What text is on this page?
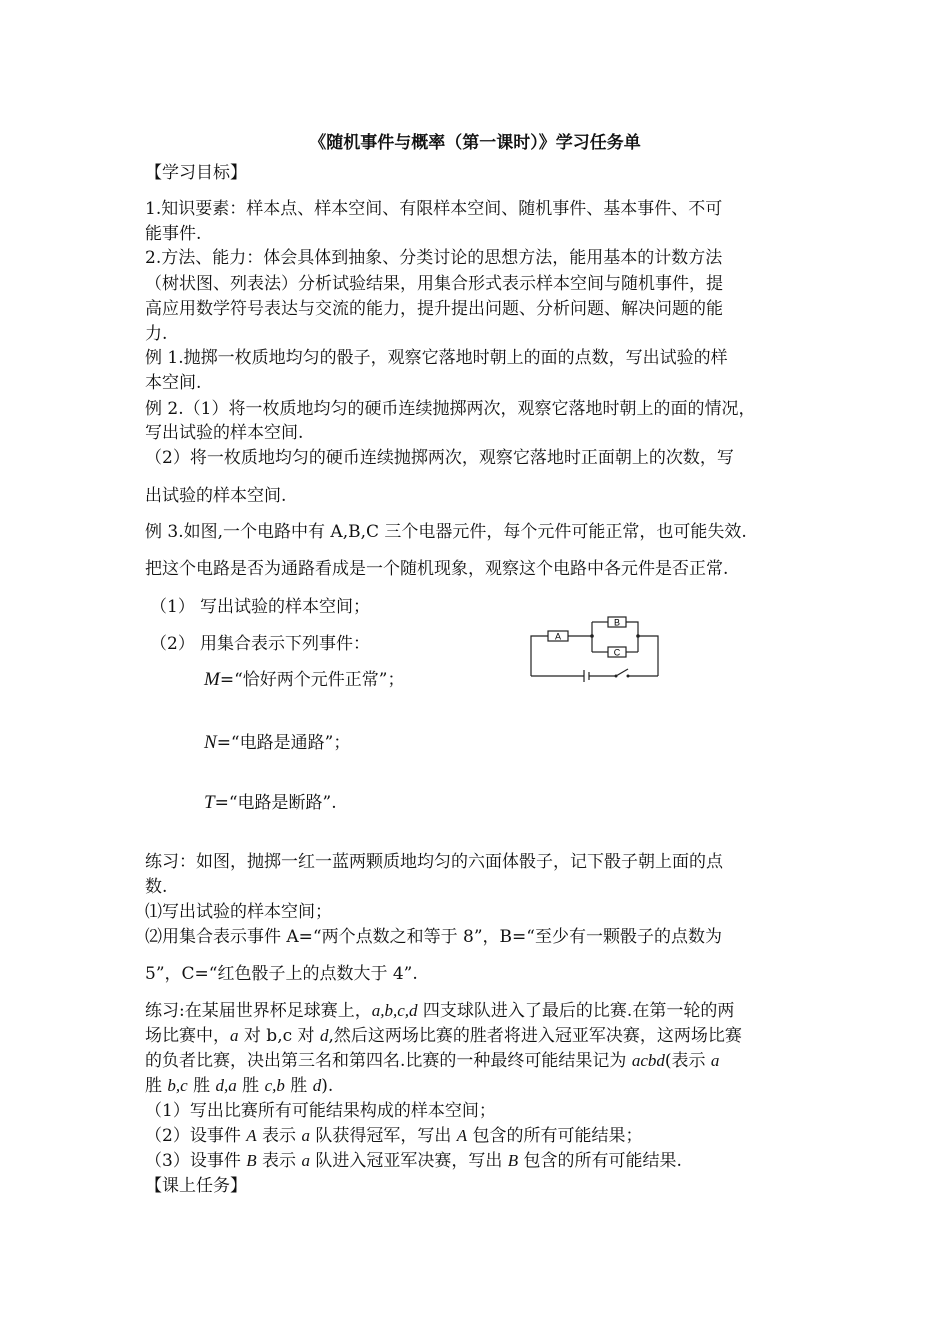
《随机事件与概率（第一课时）》学习任务单
【学习目标】
1.知识要素：样本点、样本空间、有限样本空间、随机事件、基本事件、不可
能事件.
2.方法、能力：体会具体到抽象、分类讨论的思想方法，能用基本的计数方法
（树状图、列表法）分析试验结果，用集合形式表示样本空间与随机事件，提
高应用数学符号表达与交流的能力，提升提出问题、分析问题、解决问题的能
力.
例 1.抛掷一枚质地均匀的骰子，观察它落地时朝上的面的点数，写出试验的样
本空间.
例 2.（1）将一枚质地均匀的硬币连续抛掷两次，观察它落地时朝上的面的情况，
写出试验的样本空间.
（2）将一枚质地均匀的硬币连续抛掷两次，观察它落地时正面朝上的次数，写
出试验的样本空间.
例 3.如图,一个电路中有 A,B,C 三个电器元件，每个元件可能正常，也可能失效.
把这个电路是否为通路看成是一个随机现象，观察这个电路中各元件是否正常.
（1） 写出试验的样本空间；
（2） 用集合表示下列事件：
M=“恰好两个元件正常”；
N=“电路是通路”；
T=“电路是断路”.
A
B
C
练习：如图，抛掷一红一蓝两颗质地均匀的六面体骰子，记下骰子朝上面的点
数.
⑴写出试验的样本空间；
⑵用集合表示事件 A=“两个点数之和等于 8”，B=“至少有一颗骰子的点数为
5”，C=“红色骰子上的点数大于 4”.
练习:在某届世界杯足球赛上，a,b,c,d 四支球队进入了最后的比赛.在第一轮的两
场比赛中，a 对 b,c 对 d,然后这两场比赛的胜者将进入冠亚军决赛，这两场比赛
的负者比赛，决出第三名和第四名.比赛的一种最终可能结果记为 acbd(表示 a
胜 b,c 胜 d,a 胜 c,b 胜 d).
（1）写出比赛所有可能结果构成的样本空间；
（2）设事件 A 表示 a 队获得冠军，写出 A 包含的所有可能结果；
（3）设事件 B 表示 a 队进入冠亚军决赛，写出 B 包含的所有可能结果.
【课上任务】
